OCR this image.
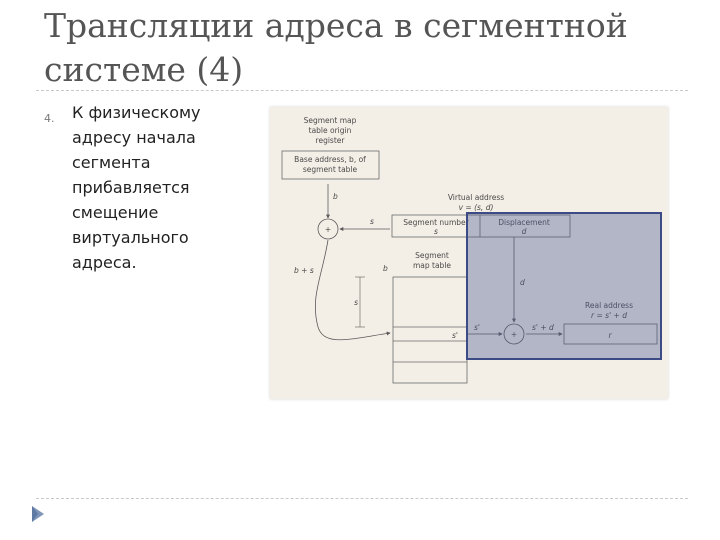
Трансляции адреса в сегментной системе (4)
4. К физическому адресу начала сегмента прибавляется смещение виртуального адреса.

Segment map
table origin
register
Base address, b, of
segment table
b
+
s
b + s
Virtual address
v = (s, d)
Segment number
s
Displacement
d
Segment
map table
b
s
s'
d
s'
+
s' + d
Real address
r = s' + d
r
